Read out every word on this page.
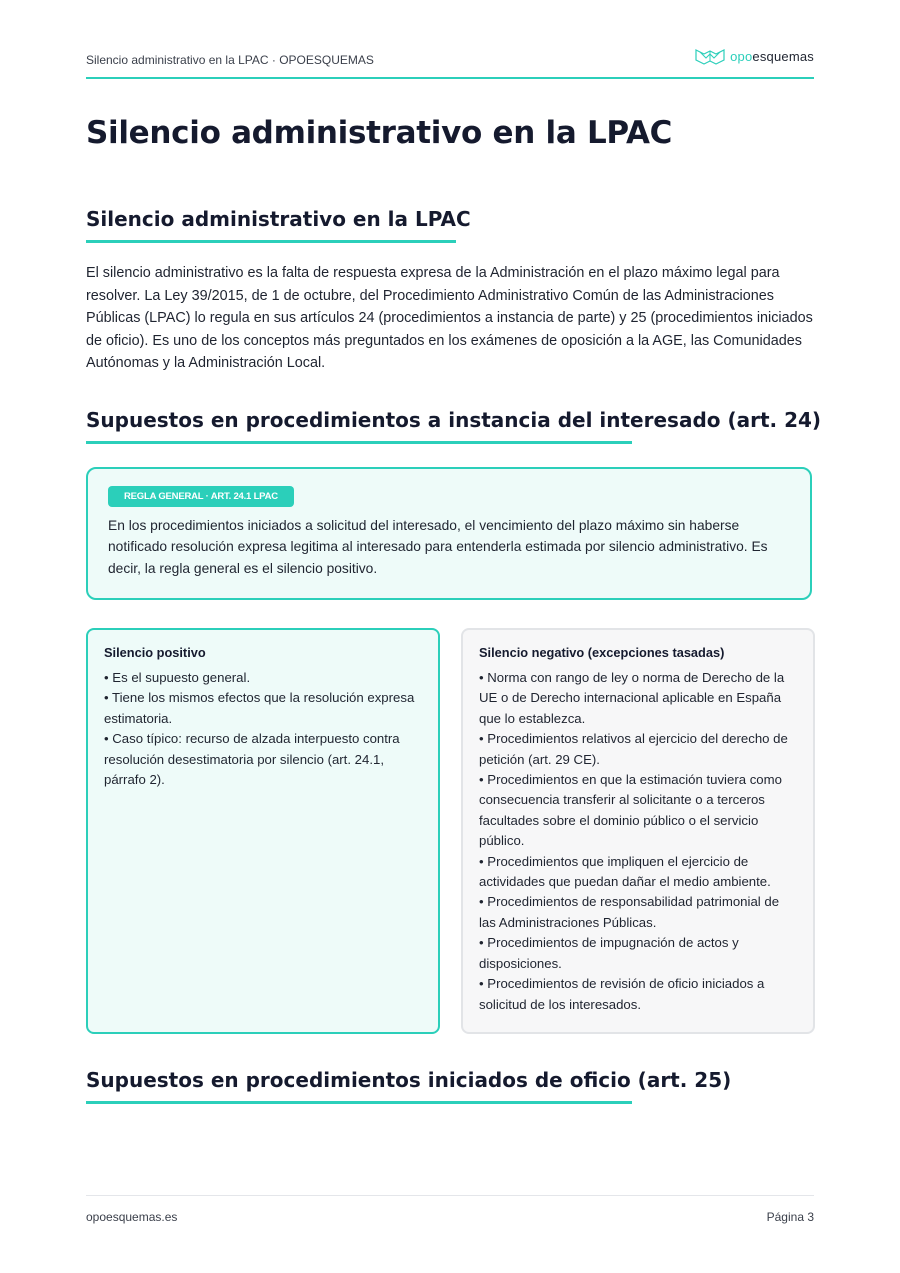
Silencio administrativo en la LPAC · OPOESQUEMAS	opoesquemas
Silencio administrativo en la LPAC
Silencio administrativo en la LPAC

El silencio administrativo es la falta de respuesta expresa de la Administración en el plazo máximo legal para resolver. La Ley 39/2015, de 1 de octubre, del Procedimiento Administrativo Común de las Administraciones Públicas (LPAC) lo regula en sus artículos 24 (procedimientos a instancia de parte) y 25 (procedimientos iniciados de oficio). Es uno de los conceptos más preguntados en los exámenes de oposición a la AGE, las Comunidades Autónomas y la Administración Local.

Supuestos en procedimientos a instancia del interesado (art. 24)
REGLA GENERAL · ART. 24.1 LPAC

En los procedimientos iniciados a solicitud del interesado, el vencimiento del plazo máximo sin haberse notificado resolución expresa legitima al interesado para entenderla estimada por silencio administrativo. Es decir, la regla general es el silencio positivo.

Silencio positivo

• Es el supuesto general.
• Tiene los mismos efectos que la resolución expresa estimatoria.
• Caso típico: recurso de alzada interpuesto contra resolución desestimatoria por silencio (art. 24.1, párrafo 2).

Silencio negativo (excepciones tasadas)

• Norma con rango de ley o norma de Derecho de la UE o de Derecho internacional aplicable en España que lo establezca.
• Procedimientos relativos al ejercicio del derecho de petición (art. 29 CE).
• Procedimientos en que la estimación tuviera como consecuencia transferir al solicitante o a terceros facultades sobre el dominio público o el servicio público.
• Procedimientos que impliquen el ejercicio de actividades que puedan dañar el medio ambiente.
• Procedimientos de responsabilidad patrimonial de las Administraciones Públicas.
• Procedimientos de impugnación de actos y disposiciones.
• Procedimientos de revisión de oficio iniciados a solicitud de los interesados.
Supuestos en procedimientos iniciados de oficio (art. 25)
opoesquemas.es	Página 3
